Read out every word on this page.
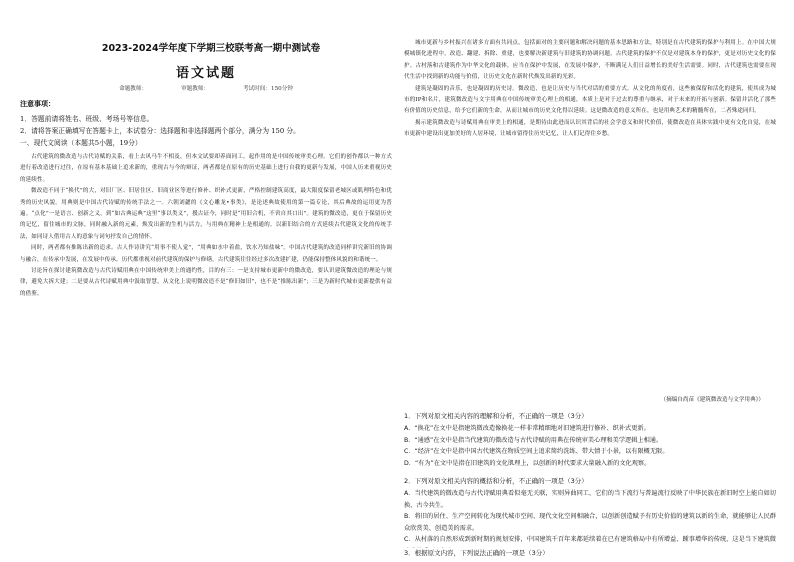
2023-2024学年度下学期三校联考高一期中测试卷
语文试题
命题教师：	审题教师：	考试时间：150分钟
注意事项：
1．答题前请将姓名、班级、考场号等信息。
2．请将答案正确填写在答题卡上，本试卷分：选择题和非选择题两个部分，满分为 150 分。
一、现代文阅读（本题共5小题，19分）

古代建筑的微改造与古代诗赋的关系，看上去风马牛不相及，但本文试要却养面同工。起作用的是中国传统审美心理。它们的创作都以一种方式进行着改造进行过往，在原有基本基础上追求新的，重现古与今的辩证，两者都是在原有的历史基础上进行自我的更新与发展，中国人历来重视历史的延续性。

微改造不同于“换代”的大，对旧厂区、旧居住区、旧商业区等进行修补、织补式更新，严格控制建筑高度，最大限度保留老城区或肌理特色和优秀的历史风貌。用典则是中国古代诗赋的传统手法之一。六朝刘勰的《文心雕龙•事类》，是论述典故使用的第一篇专论，其后典故的运用更为普遍。“点化”一是语言、创新之义，到“如古典运典”这里“事以类义”，援古证今，同时是“用旧合机，不啻自其口出”。建筑的微改造，更在于保留历史的记忆，留住城市的文脉，同时融入新的元素，焕发出新的生机与活力，与用典在精神上是相通的。以新旧结合的方式延续古代建筑文化的传统手法，如同诗人借用古人的意象与词句抒发自己的情怀。

同时，两者都有推陈出新的追求。古人作诗讲究“用事不使人觉”，“用典如水中着盐，饮水乃知盐味”。中国古代建筑的改造同样讲究新旧的协调与融合，在传承中发展，在发展中传承。历代都重视对前代建筑的保护与修缮，古代建筑往往经过多次改建扩建，仍能保持整体风貌的和谐统一。

讨论旨在探讨建筑微改造与古代诗赋用典在中国传统审美上的通约性，目的有三：一是支持城市更新中的微改造，要认识建筑微改造的理论与规律，避免大拆大建；二是要从古代诗赋用典中汲取智慧，从文化上说明微改造不是“修旧如旧”，也不是“推陈出新”；三是为新时代城市更新提供有益的借鉴。

城市更新与乡村振兴在诸多方面有共同点，包括面对的主要问题和解决问题的基本思路和方法，特别是在古代建筑的保护与利用上。在中国大规模城镇化进程中，改造、翻建、拆除、重建，也要解决新建筑与旧建筑的协调问题。古代建筑的保护不仅是对建筑本身的保护，更是对历史文化的保护。古村落和古建筑作为中华文化的载体，应当在保护中发展，在发展中保护，不断满足人们日益增长的美好生活需要。同时，古代建筑也需要在现代生活中找到新的功能与价值，让历史文化在新时代焕发出新的光彩。

建筑是凝固的音乐，也是凝固的历史诗。微改造，也是让历史与当代对话的重要方式。从文化的角度看，这些被保留和活化的建筑，使其成为城市的IP和名片，建筑微改造与文字用典在中国传统审美心理上的相通，本质上是对于过去的尊重与继承，对于未来的开拓与创新。保留并活化了那些有价值的历史信息，给予它们新的生命，从而让城市的历史文化得以延续。这是微改造的意义所在，也是用典艺术的精髓所在，二者殊途同归。

揭示建筑微改造与诗赋用典在审美上的相通，是期待由此进而认识其背后的社会学意义和时代价值，使微改造在具体实践中更有文化自觉，在城市更新中建设出更加美好的人居环境，让城市留得住历史记忆，让人们记得住乡愁。

（摘编自尚苗《建筑微改造与文学用典》）
1．下列对原文相关内容的理解和分析，不正确的一项是（3分）
A．“换花”在文中是指建筑微改造像换花一样非常精细地对旧建筑进行修补、织补式更新。
B．“通感”在文中是指当代建筑的微改造与古代诗赋的用典在传统审美心理和美学逻辑上相通。
C．“经济”在文中是指中国古代建筑在物质空间上追求简约洗练、带大情于小景，以有限概无限。
D．“有为”在文中是指在旧建筑的文化肌理上，以创新的时代要求大量融入新的文化观察。
2．下列对原文相关内容的概括和分析，不正确的一项是（3分）
A．当代建筑的微改造与古代诗赋用典看似毫无关联，实则异曲同工，它们的当下流行与普遍流行反映了中华民族在新旧时空上能自如切换、古今共生。
B．将旧的居住、生产空间转化为现代城市空间、现代文化空间相融合，以创新创造赋予有历史价值的建筑以新的生命，就能够让人民群众欣赏美、创造美的需求。
C．从村落的自然形成到新时期的规划安排，中国建筑千百年来都延续着在已有建筑格局中有所增益、踵事增华的传统，这是当下建筑微
3．根据原文内容，下列说法正确的一项是（3分）
